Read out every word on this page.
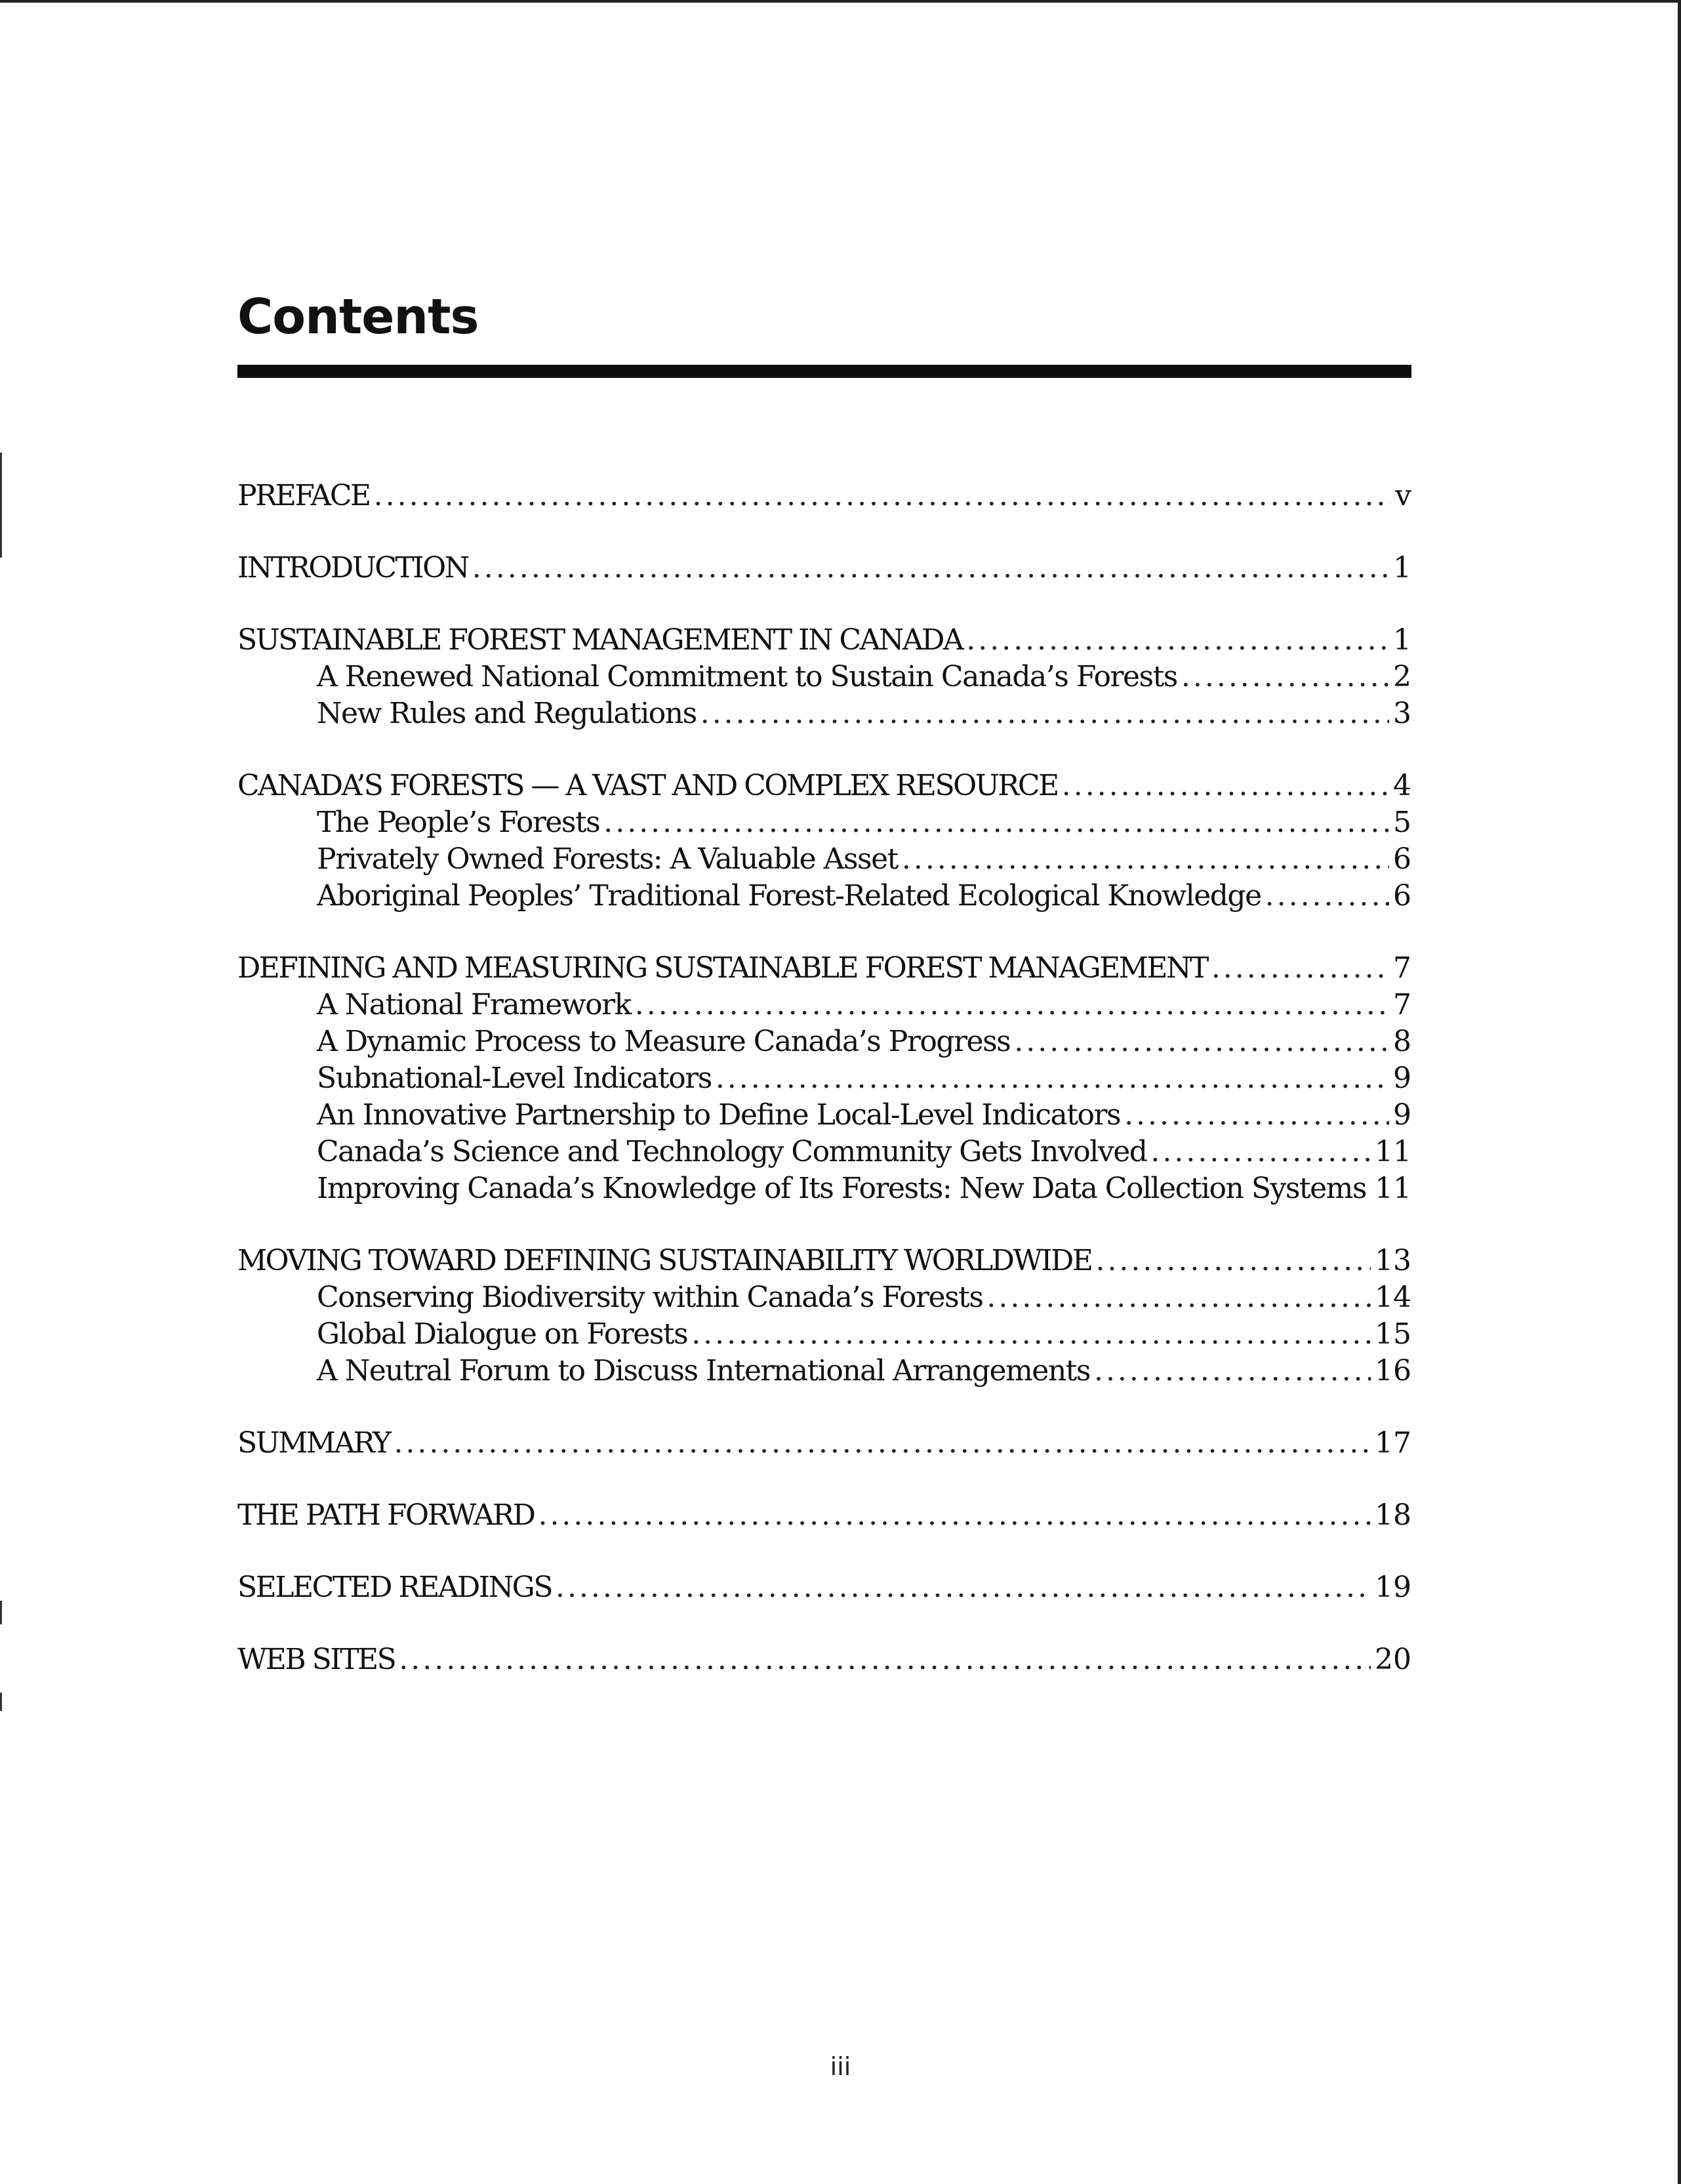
Contents
PREFACE .....	v
INTRODUCTION .....	1
SUSTAINABLE FOREST MANAGEMENT IN CANADA .....	1
A Renewed National Commitment to Sustain Canada’s Forests .....	2
New Rules and Regulations .....	3
CANADA’S FORESTS — A VAST AND COMPLEX RESOURCE .....	4
The People’s Forests .....	5
Privately Owned Forests: A Valuable Asset .....	6
Aboriginal Peoples’ Traditional Forest-Related Ecological Knowledge .....	6
DEFINING AND MEASURING SUSTAINABLE FOREST MANAGEMENT .....	7
A National Framework .....	7
A Dynamic Process to Measure Canada’s Progress .....	8
Subnational-Level Indicators .....	9
An Innovative Partnership to Define Local-Level Indicators .....	9
Canada’s Science and Technology Community Gets Involved .....	11
Improving Canada’s Knowledge of Its Forests: New Data Collection Systems ..... 11
MOVING TOWARD DEFINING SUSTAINABILITY WORLDWIDE .....	13
Conserving Biodiversity within Canada’s Forests .....	14
Global Dialogue on Forests .....	15
A Neutral Forum to Discuss International Arrangements .....	16
SUMMARY .....	17
THE PATH FORWARD .....	18
SELECTED READINGS .....	19
WEB SITES .....	20
iii
